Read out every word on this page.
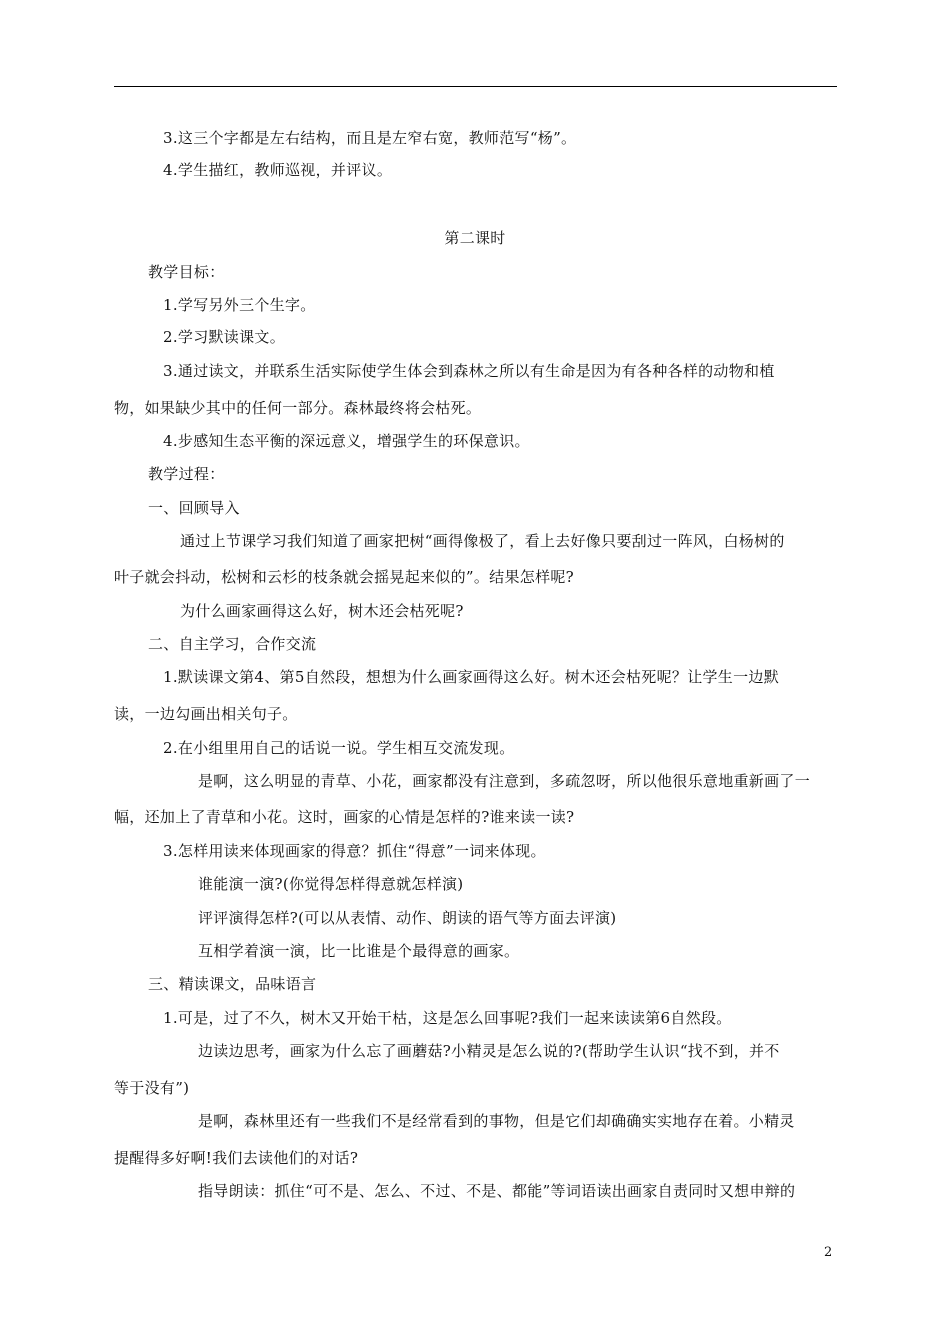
3.这三个字都是左右结构，而且是左窄右宽，教师范写“杨”。
4.学生描红，教师巡视，并评议。
第二课时
教学目标：
1.学写另外三个生字。
2.学习默读课文。
3.通过读文，并联系生活实际使学生体会到森林之所以有生命是因为有各种各样的动物和植
物，如果缺少其中的任何一部分。森林最终将会枯死。
4.步感知生态平衡的深远意义，增强学生的环保意识。
教学过程：
一、回顾导入
通过上节课学习我们知道了画家把树“画得像极了，看上去好像只要刮过一阵风，白杨树的
叶子就会抖动，松树和云杉的枝条就会摇晃起来似的”。结果怎样呢?
为什么画家画得这么好，树木还会枯死呢?
二、自主学习，合作交流
1.默读课文第4、第5自然段，想想为什么画家画得这么好。树木还会枯死呢？让学生一边默
读，一边勾画出相关句子。
2.在小组里用自己的话说一说。学生相互交流发现。
是啊，这么明显的青草、小花，画家都没有注意到，多疏忽呀，所以他很乐意地重新画了一
幅，还加上了青草和小花。这时，画家的心情是怎样的?谁来读一读?
3.怎样用读来体现画家的得意？抓住“得意”一词来体现。
谁能演一演?(你觉得怎样得意就怎样演)
评评演得怎样?(可以从表情、动作、朗读的语气等方面去评演)
互相学着演一演，比一比谁是个最得意的画家。
三、精读课文，品味语言
1.可是，过了不久，树木又开始干枯，这是怎么回事呢?我们一起来读读第6自然段。
边读边思考，画家为什么忘了画蘑菇?小精灵是怎么说的?(帮助学生认识“找不到，并不
等于没有”)
是啊，森林里还有一些我们不是经常看到的事物，但是它们却确确实实地存在着。小精灵
提醒得多好啊!我们去读他们的对话?
指导朗读：抓住“可不是、怎么、不过、不是、都能”等词语读出画家自责同时又想申辩的
2
